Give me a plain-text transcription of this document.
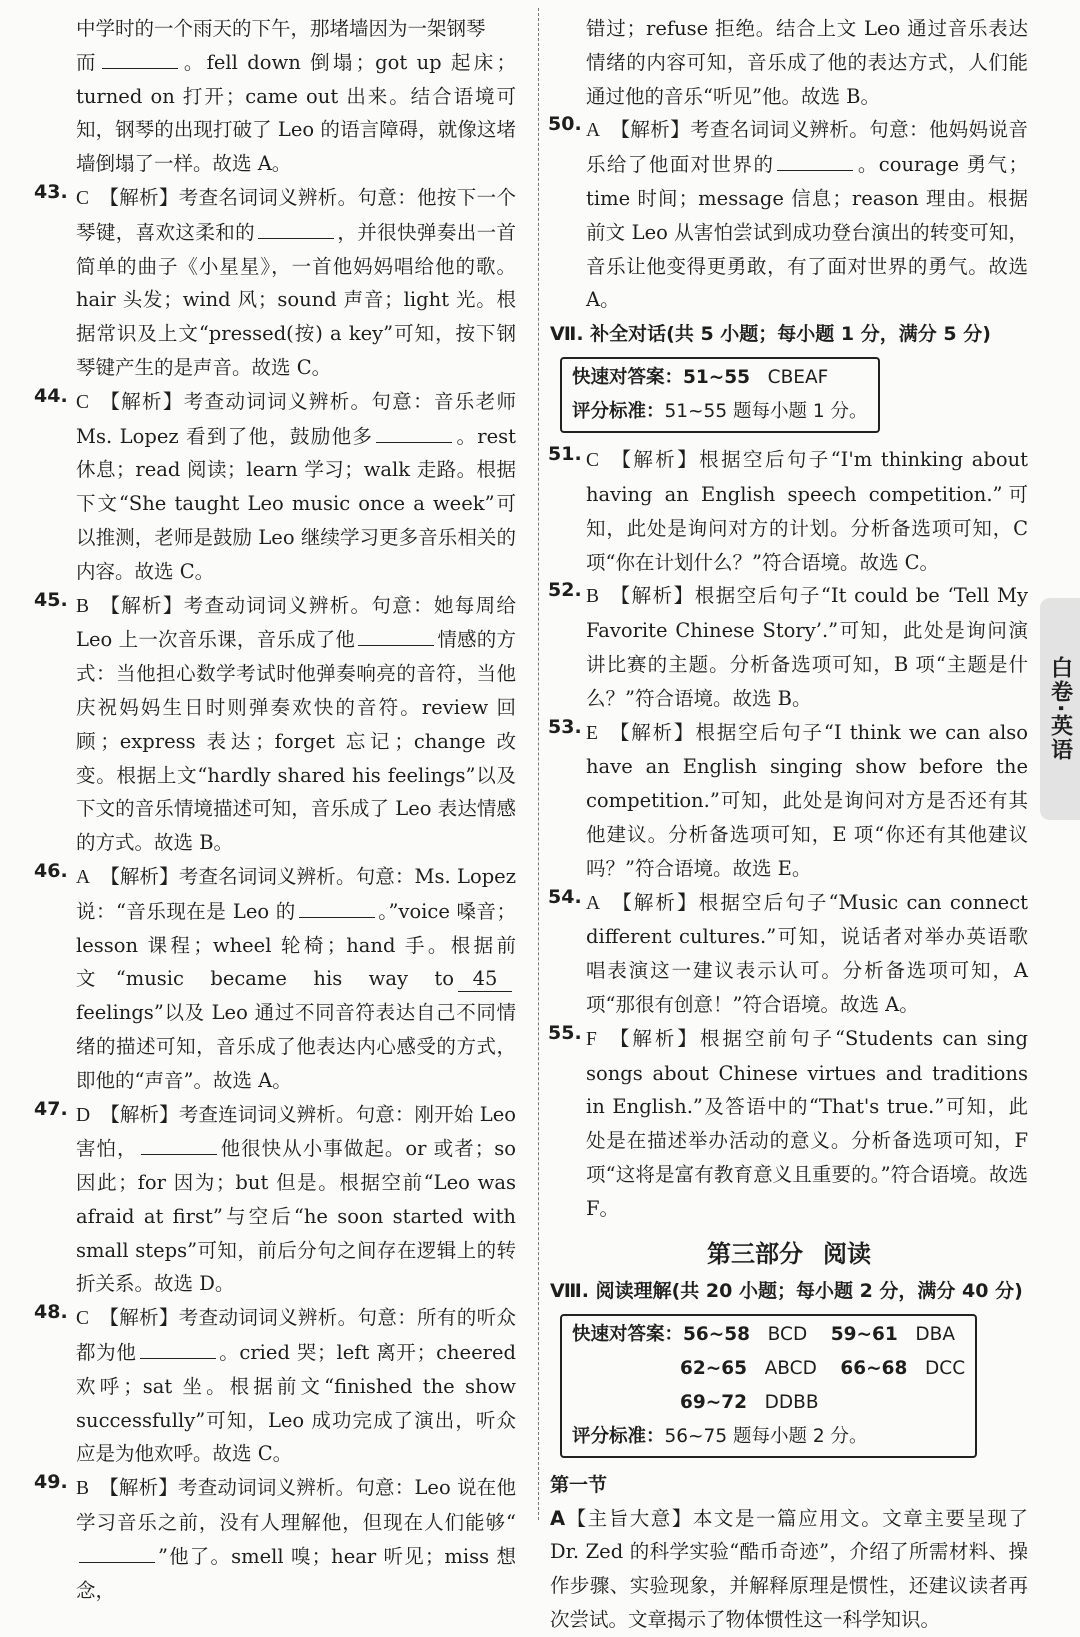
中学时的一个雨天的下午，那堵墙因为一架钢琴
而	。fell down 倒塌；got up 起床；turned on 打开；came out 出来。结合语境可知，钢琴的出现打破了 Leo 的语言障碍，就像这堵墙倒塌了一样。故选 A。

43. C 【解析】考查名词词义辨析。句意：他按下一个琴键，喜欢这柔和的	，并很快弹奏出一首简单的曲子《小星星》，一首他妈妈唱给他的歌。hair 头发；wind 风；sound 声音；light 光。根据常识及上文“pressed(按) a key”可知，按下钢琴键产生的是声音。故选 C。

44. C 【解析】考查动词词义辨析。句意：音乐老师 Ms. Lopez 看到了他，鼓励他多	。rest 休息；read 阅读；learn 学习；walk 走路。根据下文“She taught Leo music once a week”可以推测，老师是鼓励 Leo 继续学习更多音乐相关的内容。故选 C。

45. B 【解析】考查动词词义辨析。句意：她每周给 Leo 上一次音乐课，音乐成了他	情感的方式：当他担心数学考试时他弹奏响亮的音符，当他庆祝妈妈生日时则弹奏欢快的音符。review 回顾；express 表达；forget 忘记；change 改变。根据上文“hardly shared his feelings”以及下文的音乐情境描述可知，音乐成了 Leo 表达情感的方式。故选 B。

46. A 【解析】考查名词词义辨析。句意：Ms. Lopez 说：“音乐现在是 Leo 的	。”voice 嗓音；lesson 课程；wheel 轮椅；hand 手。根据前文“music became his way to 45feelings”以及 Leo 通过不同音符表达自己不同情绪的描述可知，音乐成了他表达内心感受的方式，即他的“声音”。故选 A。

47. D 【解析】考查连词词义辨析。句意：刚开始 Leo 害怕，	他很快从小事做起。or 或者；so 因此；for 因为；but 但是。根据空前“Leo was afraid at first”与空后“he soon started with small steps”可知，前后分句之间存在逻辑上的转折关系。故选 D。

48. C 【解析】考查动词词义辨析。句意：所有的听众都为他	。cried 哭；left 离开；cheered 欢呼；sat 坐。根据前文“finished the show successfully”可知，Leo 成功完成了演出，听众应是为他欢呼。故选 C。

49. B 【解析】考查动词词义辨析。句意：Leo 说在他学习音乐之前，没有人理解他，但现在人们能够“”他了。smell 嗅；hear 听见；miss 想念，

错过；refuse 拒绝。结合上文 Leo 通过音乐表达情绪的内容可知，音乐成了他的表达方式，人们能通过他的音乐“听见”他。故选 B。

50. A 【解析】考查名词词义辨析。句意：他妈妈说音乐给了他面对世界的	。courage 勇气；time 时间；message 信息；reason 理由。根据前文 Leo 从害怕尝试到成功登台演出的转变可知，音乐让他变得更勇敢，有了面对世界的勇气。故选 A。

Ⅶ. 补全对话(共 5 小题；每小题 1 分，满分 5 分)

快速对答案：51~55 CBEAF
评分标准：51~55 题每小题 1 分。
51. C 【解析】根据空后句子“I'm thinking about having an English speech competition.”可知，此处是询问对方的计划。分析备选项可知，C 项“你在计划什么？”符合语境。故选 C。

52. B 【解析】根据空后句子“It could be ‘Tell My Favorite Chinese Story’.”可知，此处是询问演讲比赛的主题。分析备选项可知，B 项“主题是什么？”符合语境。故选 B。

53. E 【解析】根据空后句子“I think we can also have an English singing show before the competition.”可知，此处是询问对方是否还有其他建议。分析备选项可知，E 项“你还有其他建议吗？”符合语境。故选 E。

54. A 【解析】根据空后句子“Music can connect different cultures.”可知，说话者对举办英语歌唱表演这一建议表示认可。分析备选项可知，A 项“那很有创意！”符合语境。故选 A。

55. F 【解析】根据空前句子“Students can sing songs about Chinese virtues and traditions in English.”及答语中的“That's true.”可知，此处是在描述举办活动的意义。分析备选项可知，F 项“这将是富有教育意义且重要的。”符合语境。故选 F。

第三部分 阅读

Ⅷ. 阅读理解(共 20 小题；每小题 2 分，满分 40 分)

快速对答案：56~58 BCD 59~61 DBA
62~65 ABCD 66~68 DCC
69~72 DDBB
评分标准：56~75 题每小题 2 分。

第一节

A【主旨大意】本文是一篇应用文。文章主要呈现了 Dr. Zed 的科学实验“酷币奇迹”，介绍了所需材料、操作步骤、实验现象，并解释原理是惯性，还建议读者再次尝试。文章揭示了物体惯性这一科学知识。

白卷·英语
